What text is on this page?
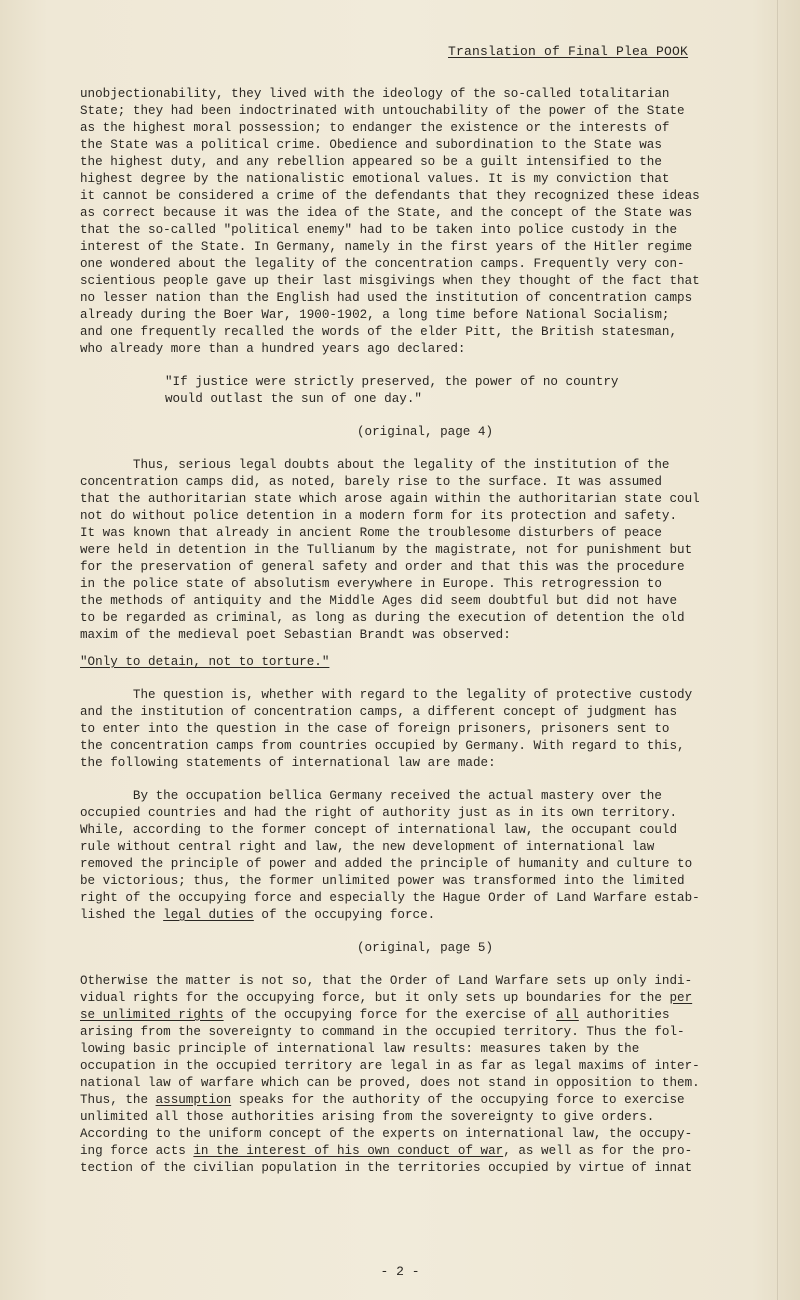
Translation of Final Plea POOK

unobjectionability, they lived with the ideology of the so-called totalitarian
State; they had been indoctrinated with untouchability of the power of the State
as the highest moral possession; to endanger the existence or the interests of
the State was a political crime. Obedience and subordination to the State was
the highest duty, and any rebellion appeared so be a guilt intensified to the
highest degree by the nationalistic emotional values. It is my conviction that
it cannot be considered a crime of the defendants that they recognized these ideas
as correct because it was the idea of the State, and the concept of the State was
that the so-called "political enemy" had to be taken into police custody in the
interest of the State. In Germany, namely in the first years of the Hitler regime
one wondered about the legality of the concentration camps. Frequently very con-
scientious people gave up their last misgivings when they thought of the fact that
no lesser nation than the English had used the institution of concentration camps
already during the Boer War, 1900-1902, a long time before National Socialism;
and one frequently recalled the words of the elder Pitt, the British statesman,
who already more than a hundred years ago declared:

"If justice were strictly preserved, the power of no country
would outlast the sun of one day."

(original, page 4)

Thus, serious legal doubts about the legality of the institution of the
concentration camps did, as noted, barely rise to the surface. It was assumed
that the authoritarian state which arose again within the authoritarian state coul
not do without police detention in a modern form for its protection and safety.
It was known that already in ancient Rome the troublesome disturbers of peace
were held in detention in the Tullianum by the magistrate, not for punishment but
for the preservation of general safety and order and that this was the procedure
in the police state of absolutism everywhere in Europe. This retrogression to
the methods of antiquity and the Middle Ages did seem doubtful but did not have
to be regarded as criminal, as long as during the execution of detention the old
maxim of the medieval poet Sebastian Brandt was observed:

"Only to detain, not to torture."

The question is, whether with regard to the legality of protective custody
and the institution of concentration camps, a different concept of judgment has
to enter into the question in the case of foreign prisoners, prisoners sent to
the concentration camps from countries occupied by Germany. With regard to this,
the following statements of international law are made:

By the occupation bellica Germany received the actual mastery over the
occupied countries and had the right of authority just as in its own territory.
While, according to the former concept of international law, the occupant could
rule without central right and law, the new development of international law
removed the principle of power and added the principle of humanity and culture to
be victorious; thus, the former unlimited power was transformed into the limited
right of the occupying force and especially the Hague Order of Land Warfare estab-
lished the legal duties of the occupying force.

(original, page 5)

Otherwise the matter is not so, that the Order of Land Warfare sets up only indi-
vidual rights for the occupying force, but it only sets up boundaries for the per
se unlimited rights of the occupying force for the exercise of all authorities
arising from the sovereignty to command in the occupied territory. Thus the fol-
lowing basic principle of international law results: measures taken by the
occupation in the occupied territory are legal in as far as legal maxims of inter-
national law of warfare which can be proved, does not stand in opposition to them.
Thus, the assumption speaks for the authority of the occupying force to exercise
unlimited all those authorities arising from the sovereignty to give orders.
According to the uniform concept of the experts on international law, the occupy-
ing force acts in the interest of his own conduct of war, as well as for the pro-
tection of the civilian population in the territories occupied by virtue of innat

- 2 -
